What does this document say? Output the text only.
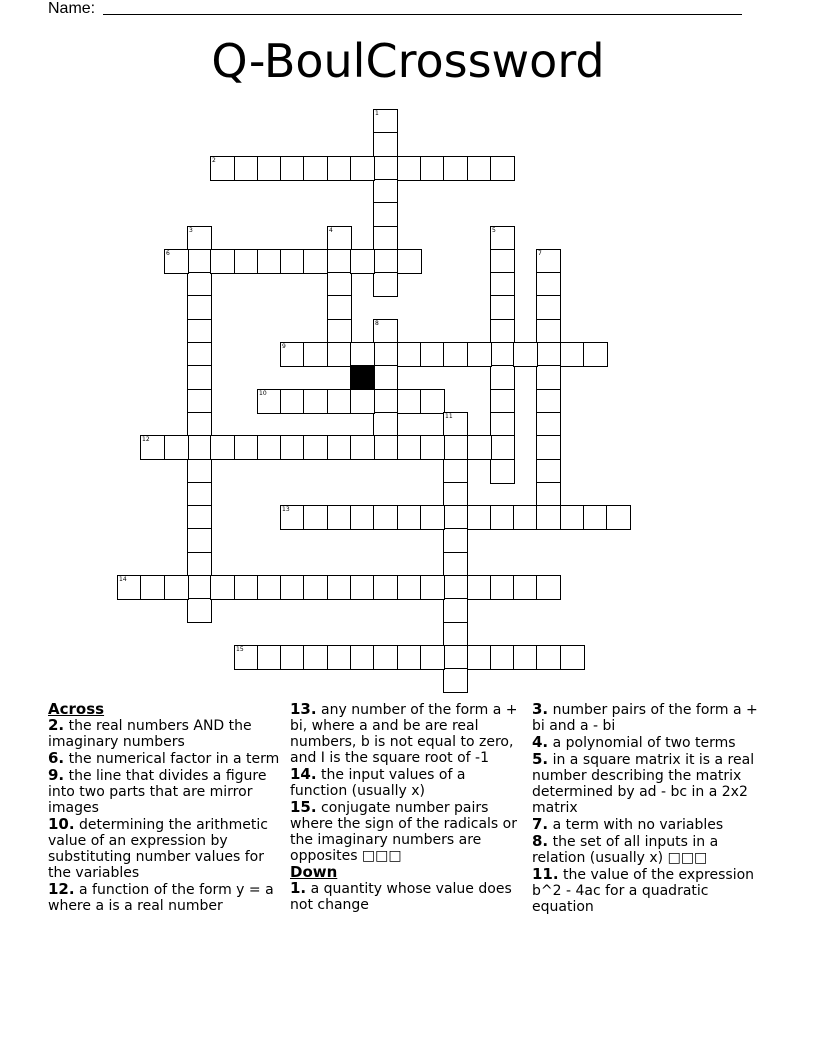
Name:
Q-BoulCrossword
1
2
3	4	5
6	7
8
9
10
11
12
13
14
15
Across

2. the real numbers AND the imaginary numbers

6. the numerical factor in a term

9. the line that divides a figure into two parts that are mirror images

10. determining the arithmetic value of an expression by substituting number values for the variables

12. a function of the form y = a where a is a real number

13. any number of the form a + bi, where a and be are real numbers, b is not equal to zero, and I is the square root of -1

14. the input values of a function (usually x)

15. conjugate number pairs where the sign of the radicals or the imaginary numbers are opposites □□□

Down

1. a quantity whose value does not change

3. number pairs of the form a + bi and a - bi

4. a polynomial of two terms

5. in a square matrix it is a real number describing the matrix determined by ad - bc in a 2x2 matrix

7. a term with no variables

8. the set of all inputs in a relation (usually x) □□□

11. the value of the expression b^2 - 4ac for a quadratic equation
